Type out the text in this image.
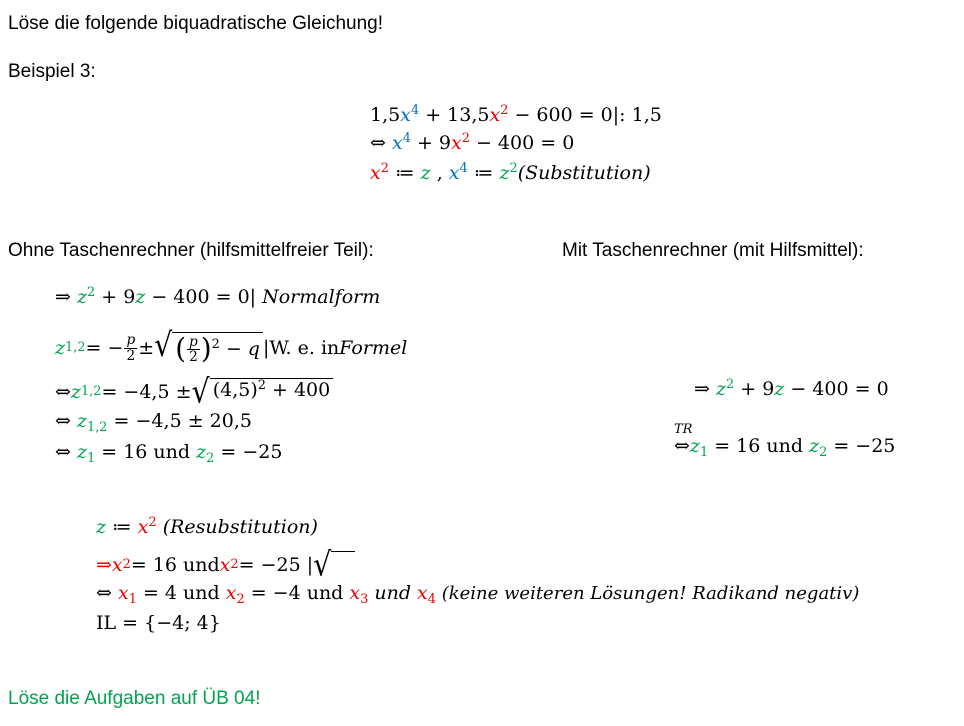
Löse die folgende biquadratische Gleichung!
Beispiel 3:
$1,5x^4 + 13,5x^2 - 600 = 0|$: 1,5
⇔ $x^4 + 9x^2 - 400 = 0$
$x^2$ ≔ z , $x^4$ ≔ $z^2(Substitution)$
Ohne Taschenrechner (hilfsmittelfreier Teil):	Mit Taschenrechner (mit Hilfsmittel):
⇒ $z^2 + 9z - 400 = 0|$ Normalform
z 1,2 = − $\frac{p}{2}$ ± √ ( $\frac{p}{2} )^2 - q$ |W. e. in Formel
⇔ z 1,2 = −4,5 ± √ $(4,5)^2 + 400$
⇔ $z_{1,2} = -4,5 \pm 20,5$
⇔ $z_1 = 16$ und $z_2 = -25$
⇒ $z^2 + 9z - 400 = 0$
TR
$\Leftrightarrow z_1 = 16$ und $z_2 = -25$
z ≔ $x^2$ (Resubstitution)
⇒ x 2 = 16 und x 2 = −25 | √
⇔ $x_1 = 4$ und $x_2 = -4$ und $x_3$ und $x_4$ (keine weiteren Lösungen! Radikand negativ)
IL = {−4; 4}
Löse die Aufgaben auf ÜB 04!
